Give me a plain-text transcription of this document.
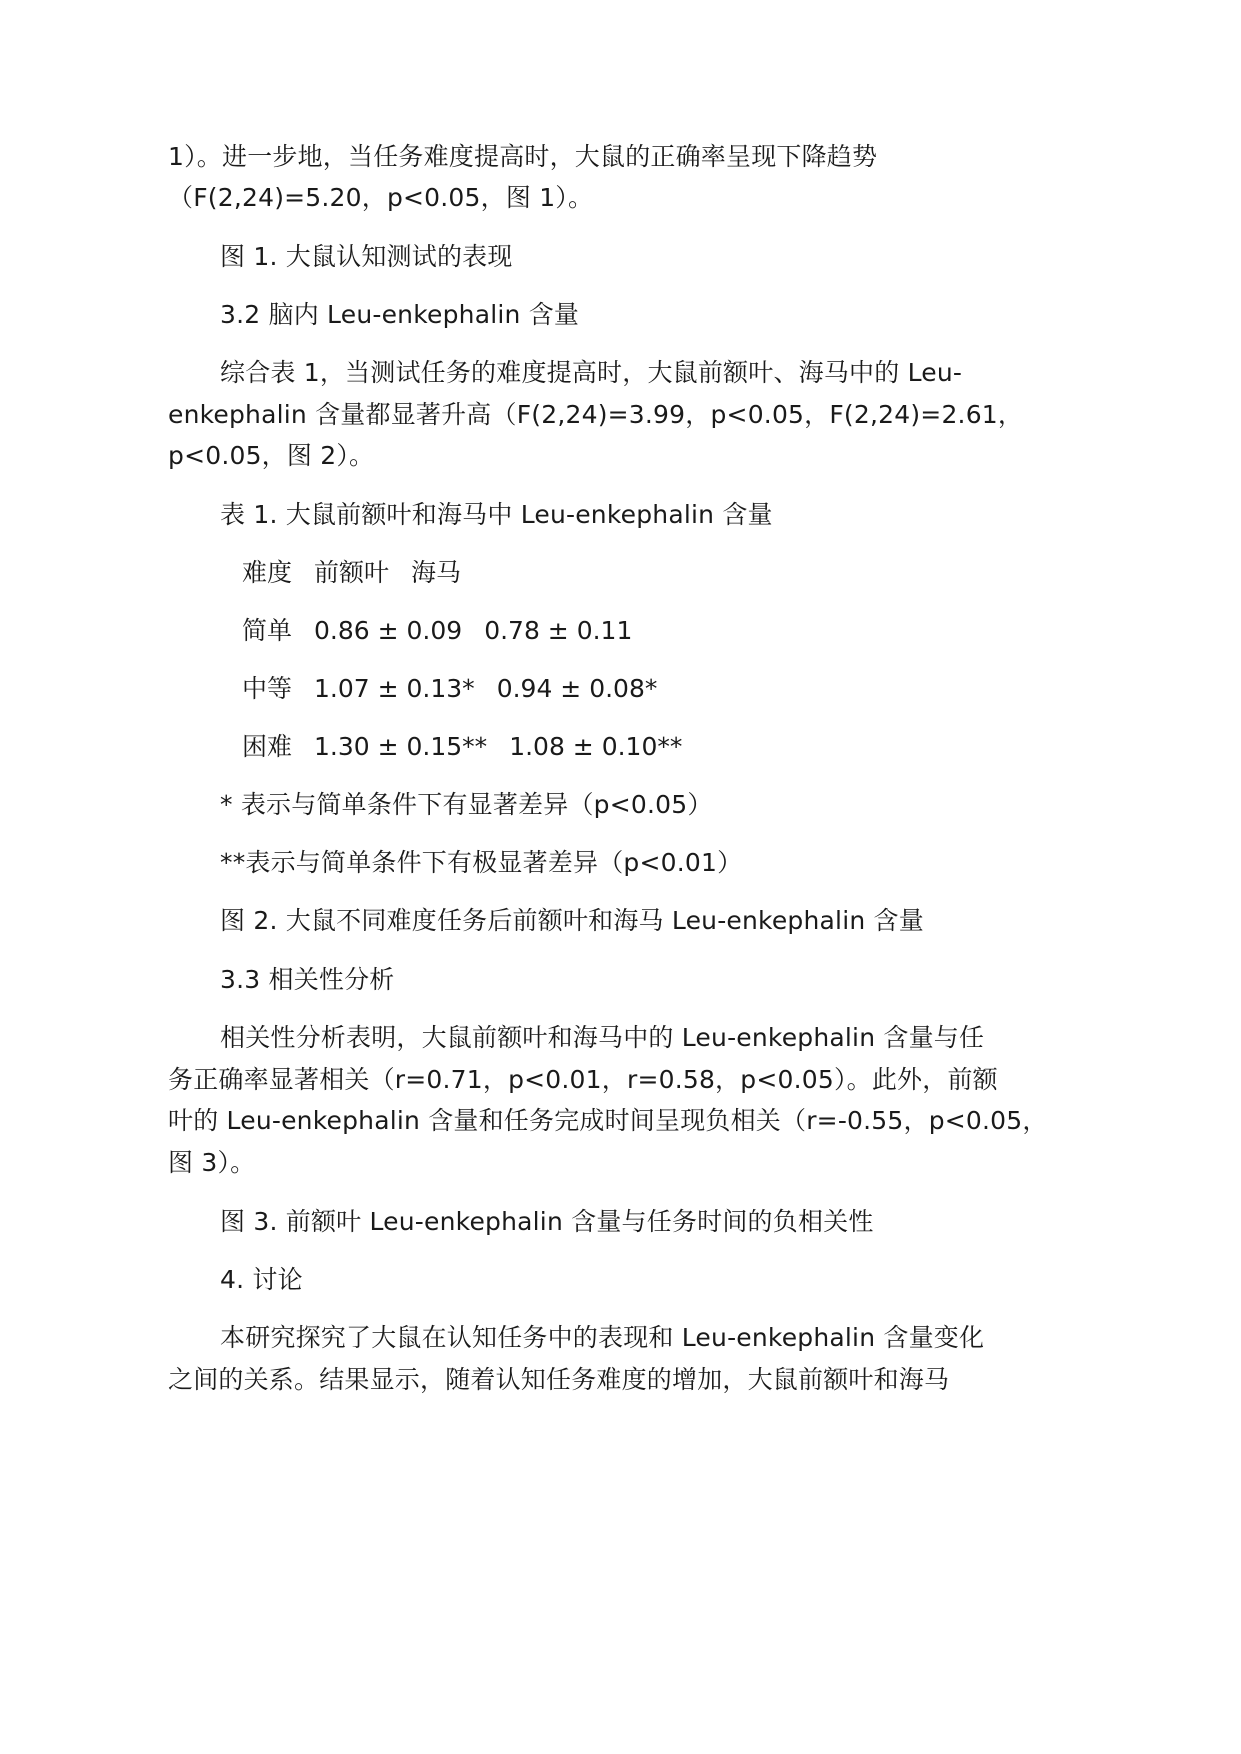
1）。进一步地，当任务难度提高时，大鼠的正确率呈现下降趋势
（F(2,24)=5.20，p<0.05，图 1）。
图 1. 大鼠认知测试的表现
3.2 脑内 Leu-enkephalin 含量
综合表 1，当测试任务的难度提高时，大鼠前额叶、海马中的 Leu-
enkephalin 含量都显著升高（F(2,24)=3.99，p<0.05，F(2,24)=2.61，
p<0.05，图 2）。
表 1. 大鼠前额叶和海马中 Leu-enkephalin 含量
难度 前额叶 海马
简单 0.86 ± 0.09 0.78 ± 0.11
中等 1.07 ± 0.13* 0.94 ± 0.08*
困难 1.30 ± 0.15** 1.08 ± 0.10**
* 表示与简单条件下有显著差异（p<0.05）
**表示与简单条件下有极显著差异（p<0.01）
图 2. 大鼠不同难度任务后前额叶和海马 Leu-enkephalin 含量
3.3 相关性分析
相关性分析表明，大鼠前额叶和海马中的 Leu-enkephalin 含量与任
务正确率显著相关（r=0.71，p<0.01，r=0.58，p<0.05）。此外，前额
叶的 Leu-enkephalin 含量和任务完成时间呈现负相关（r=-0.55，p<0.05，
图 3）。
图 3. 前额叶 Leu-enkephalin 含量与任务时间的负相关性
4. 讨论
本研究探究了大鼠在认知任务中的表现和 Leu-enkephalin 含量变化
之间的关系。结果显示，随着认知任务难度的增加，大鼠前额叶和海马
